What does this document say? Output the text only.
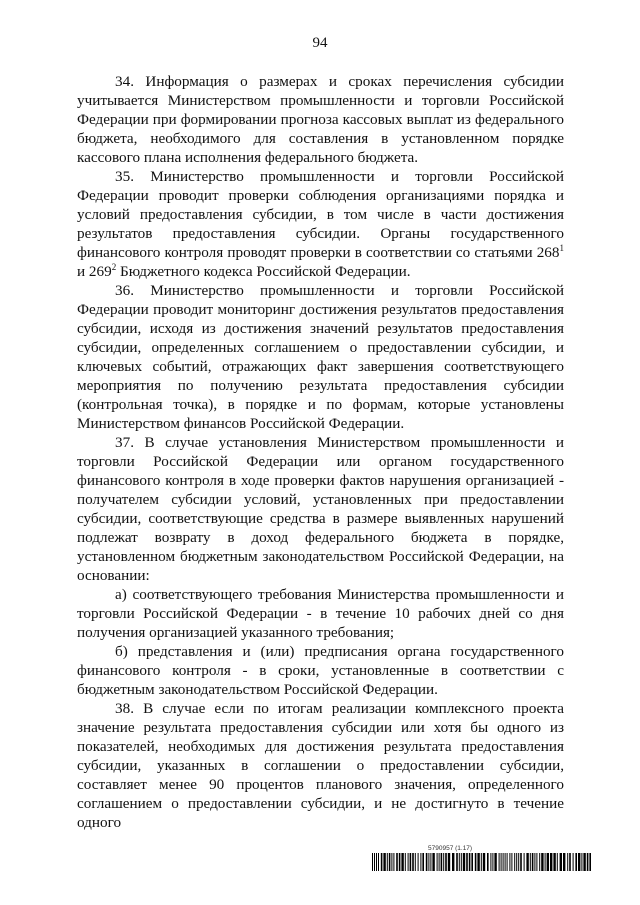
94

34. Информация о размерах и сроках перечисления субсидии учитывается Министерством промышленности и торговли Российской Федерации при формировании прогноза кассовых выплат из федерального бюджета, необходимого для составления в установленном порядке кассового плана исполнения федерального бюджета.

35. Министерство промышленности и торговли Российской Федерации проводит проверки соблюдения организациями порядка и условий предоставления субсидии, в том числе в части достижения результатов предоставления субсидии. Органы государственного финансового контроля проводят проверки в соответствии со статьями $268^1$ и $269^2$ Бюджетного кодекса Российской Федерации.

36. Министерство промышленности и торговли Российской Федерации проводит мониторинг достижения результатов предоставления субсидии, исходя из достижения значений результатов предоставления субсидии, определенных соглашением о предоставлении субсидии, и ключевых событий, отражающих факт завершения соответствующего мероприятия по получению результата предоставления субсидии (контрольная точка), в порядке и по формам, которые установлены Министерством финансов Российской Федерации.

37. В случае установления Министерством промышленности и торговли Российской Федерации или органом государственного финансового контроля в ходе проверки фактов нарушения организацией - получателем субсидии условий, установленных при предоставлении субсидии, соответствующие средства в размере выявленных нарушений подлежат возврату в доход федерального бюджета в порядке, установленном бюджетным законодательством Российской Федерации, на основании:

а) соответствующего требования Министерства промышленности и торговли Российской Федерации - в течение 10 рабочих дней со дня получения организацией указанного требования;

б) представления и (или) предписания органа государственного финансового контроля - в сроки, установленные в соответствии с бюджетным законодательством Российской Федерации.

38. В случае если по итогам реализации комплексного проекта значение результата предоставления субсидии или хотя бы одного из показателей, необходимых для достижения результата предоставления субсидии, указанных в соглашении о предоставлении субсидии, составляет менее 90 процентов планового значения, определенного соглашением о предоставлении субсидии, и не достигнуто в течение одного

5790957 (1.17)
